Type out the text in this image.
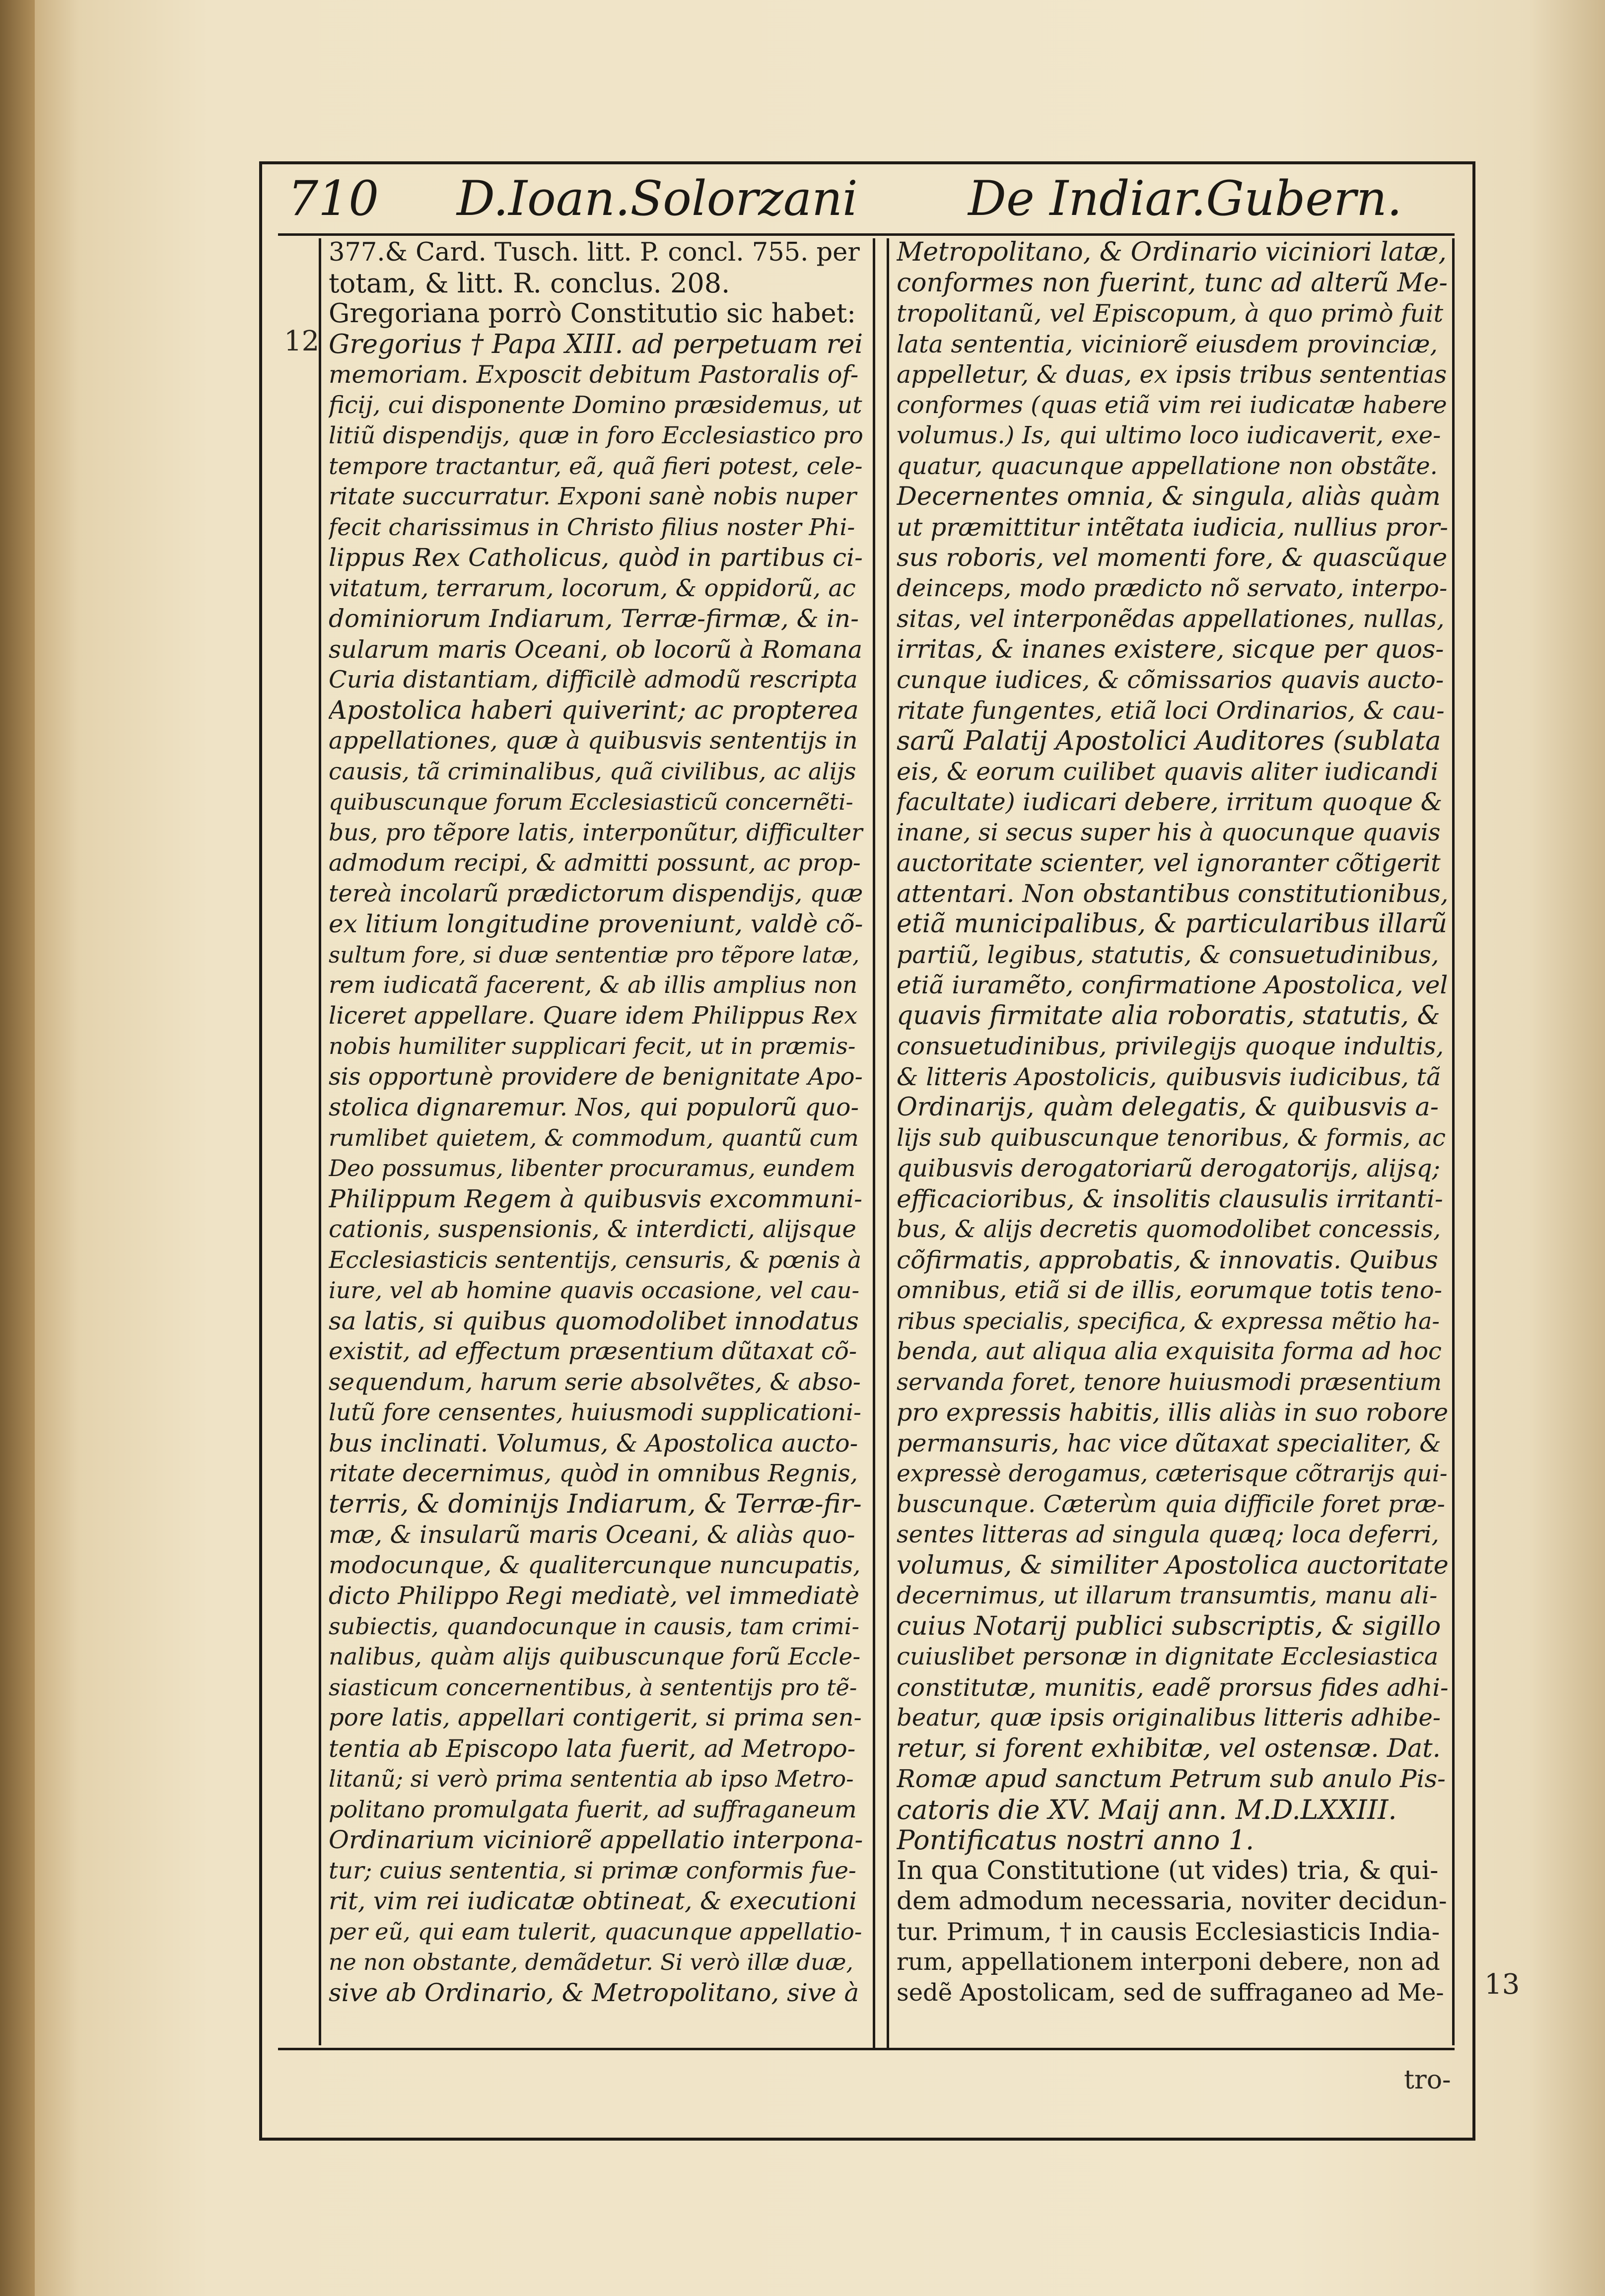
710 D.Ioan.Solorzani De Indiar.Gubern.
12
13
377.& Card. Tusch. litt. P. concl. 755. per
totam, & litt. R. conclus. 208.
Gregoriana porrò Constitutio sic habet:
Gregorius † Papa XIII. ad perpetuam rei
memoriam. Exposcit debitum Pastoralis of-
ficij, cui disponente Domino præsidemus, ut
litiũ dispendijs, quæ in foro Ecclesiastico pro
tempore tractantur, eã, quã fieri potest, cele-
ritate succurratur. Exponi sanè nobis nuper
fecit charissimus in Christo filius noster Phi-
lippus Rex Catholicus, quòd in partibus ci-
vitatum, terrarum, locorum, & oppidorũ, ac
dominiorum Indiarum, Terræ-firmæ, & in-
sularum maris Oceani, ob locorũ à Romana
Curia distantiam, difficilè admodũ rescripta
Apostolica haberi quiverint; ac propterea
appellationes, quæ à quibusvis sententijs in
causis, tã criminalibus, quã civilibus, ac alijs
quibuscunque forum Ecclesiasticũ concernẽti-
bus, pro tẽpore latis, interponũtur, difficulter
admodum recipi, & admitti possunt, ac prop-
tereà incolarũ prædictorum dispendijs, quæ
ex litium longitudine proveniunt, valdè cõ-
sultum fore, si duæ sententiæ pro tẽpore latæ,
rem iudicatã facerent, & ab illis amplius non
liceret appellare. Quare idem Philippus Rex
nobis humiliter supplicari fecit, ut in præmis-
sis opportunè providere de benignitate Apo-
stolica dignaremur. Nos, qui populorũ quo-
rumlibet quietem, & commodum, quantũ cum
Deo possumus, libenter procuramus, eundem
Philippum Regem à quibusvis excommuni-
cationis, suspensionis, & interdicti, alijsque
Ecclesiasticis sententijs, censuris, & pœnis à
iure, vel ab homine quavis occasione, vel cau-
sa latis, si quibus quomodolibet innodatus
existit, ad effectum præsentium dũtaxat cõ-
sequendum, harum serie absolvẽtes, & abso-
lutũ fore censentes, huiusmodi supplicationi-
bus inclinati. Volumus, & Apostolica aucto-
ritate decernimus, quòd in omnibus Regnis,
terris, & dominijs Indiarum, & Terræ-fir-
mæ, & insularũ maris Oceani, & aliàs quo-
modocunque, & qualitercunque nuncupatis,
dicto Philippo Regi mediatè, vel immediatè
subiectis, quandocunque in causis, tam crimi-
nalibus, quàm alijs quibuscunque forũ Eccle-
siasticum concernentibus, à sententijs pro tẽ-
pore latis, appellari contigerit, si prima sen-
tentia ab Episcopo lata fuerit, ad Metropo-
litanũ; si verò prima sententia ab ipso Metro-
politano promulgata fuerit, ad suffraganeum
Ordinarium viciniorẽ appellatio interpona-
tur; cuius sententia, si primæ conformis fue-
rit, vim rei iudicatæ obtineat, & executioni
per eũ, qui eam tulerit, quacunque appellatio-
ne non obstante, demãdetur. Si verò illæ duæ,
sive ab Ordinario, & Metropolitano, sive à
Metropolitano, & Ordinario viciniori latæ,
conformes non fuerint, tunc ad alterũ Me-
tropolitanũ, vel Episcopum, à quo primò fuit
lata sententia, viciniorẽ eiusdem provinciæ,
appelletur, & duas, ex ipsis tribus sententias
conformes (quas etiã vim rei iudicatæ habere
volumus.) Is, qui ultimo loco iudicaverit, exe-
quatur, quacunque appellatione non obstãte.
Decernentes omnia, & singula, aliàs quàm
ut præmittitur intẽtata iudicia, nullius pror-
sus roboris, vel momenti fore, & quascũque
deinceps, modo prædicto nõ servato, interpo-
sitas, vel interponẽdas appellationes, nullas,
irritas, & inanes existere, sicque per quos-
cunque iudices, & cõmissarios quavis aucto-
ritate fungentes, etiã loci Ordinarios, & cau-
sarũ Palatij Apostolici Auditores (sublata
eis, & eorum cuilibet quavis aliter iudicandi
facultate) iudicari debere, irritum quoque &
inane, si secus super his à quocunque quavis
auctoritate scienter, vel ignoranter cõtigerit
attentari. Non obstantibus constitutionibus,
etiã municipalibus, & particularibus illarũ
partiũ, legibus, statutis, & consuetudinibus,
etiã iuramẽto, confirmatione Apostolica, vel
quavis firmitate alia roboratis, statutis, &
consuetudinibus, privilegijs quoque indultis,
& litteris Apostolicis, quibusvis iudicibus, tã
Ordinarijs, quàm delegatis, & quibusvis a-
lijs sub quibuscunque tenoribus, & formis, ac
quibusvis derogatoriarũ derogatorijs, alijsq;
efficacioribus, & insolitis clausulis irritanti-
bus, & alijs decretis quomodolibet concessis,
cõfirmatis, approbatis, & innovatis. Quibus
omnibus, etiã si de illis, eorumque totis teno-
ribus specialis, specifica, & expressa mẽtio ha-
benda, aut aliqua alia exquisita forma ad hoc
servanda foret, tenore huiusmodi præsentium
pro expressis habitis, illis aliàs in suo robore
permansuris, hac vice dũtaxat specialiter, &
expressè derogamus, cæterisque cõtrarijs qui-
buscunque. Cæterùm quia difficile foret præ-
sentes litteras ad singula quæq; loca deferri,
volumus, & similiter Apostolica auctoritate
decernimus, ut illarum transumtis, manu ali-
cuius Notarij publici subscriptis, & sigillo
cuiuslibet personæ in dignitate Ecclesiastica
constitutæ, munitis, eadẽ prorsus fides adhi-
beatur, quæ ipsis originalibus litteris adhibe-
retur, si forent exhibitæ, vel ostensæ. Dat.
Romæ apud sanctum Petrum sub anulo Pis-
catoris die XV. Maij ann. M.D.LXXIII.
Pontificatus nostri anno 1.
In qua Constitutione (ut vides) tria, & qui-
dem admodum necessaria, noviter decidun-
tur. Primum, † in causis Ecclesiasticis India-
rum, appellationem interponi debere, non ad
sedẽ Apostolicam, sed de suffraganeo ad Me-
tro-
